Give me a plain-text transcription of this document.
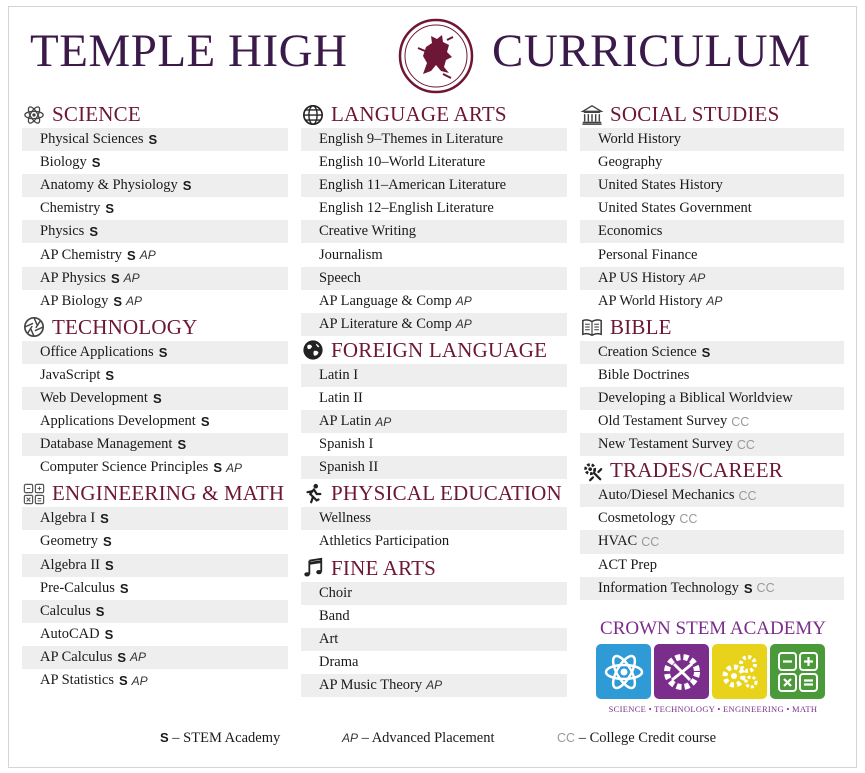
TEMPLE HIGH	CURRICULUM
SCIENCE
Physical Sciences S
Biology S
Anatomy & Physiology S
Chemistry S
Physics S
AP Chemistry S AP
AP Physics S AP
AP Biology S AP
TECHNOLOGY
Office Applications S
JavaScript S
Web Development S
Applications Development S
Database Management S
Computer Science Principles S AP
ENGINEERING & MATH
Algebra I S
Geometry S
Algebra II S
Pre-Calculus S
Calculus S
AutoCAD S
AP Calculus S AP
AP Statistics S AP
LANGUAGE ARTS
English 9–Themes in Literature
English 10–World Literature
English 11–American Literature
English 12–English Literature
Creative Writing
Journalism
Speech
AP Language & Comp AP
AP Literature & Comp AP
FOREIGN LANGUAGE
Latin I
Latin II
AP Latin AP
Spanish I
Spanish II
PHYSICAL EDUCATION
Wellness
Athletics Participation
FINE ARTS
Choir
Band
Art
Drama
AP Music Theory AP
SOCIAL STUDIES
World History
Geography
United States History
United States Government
Economics
Personal Finance
AP US History AP
AP World History AP
BIBLE
Creation Science S
Bible Doctrines
Developing a Biblical Worldview
Old Testament Survey CC
New Testament Survey CC
TRADES/CAREER
Auto/Diesel Mechanics CC
Cosmetology CC
HVAC CC
ACT Prep
Information Technology S CC
CROWN STEM ACADEMY
SCIENCE • TECHNOLOGY • ENGINEERING • MATH
S – STEM Academy	AP – Advanced Placement	CC – College Credit course
